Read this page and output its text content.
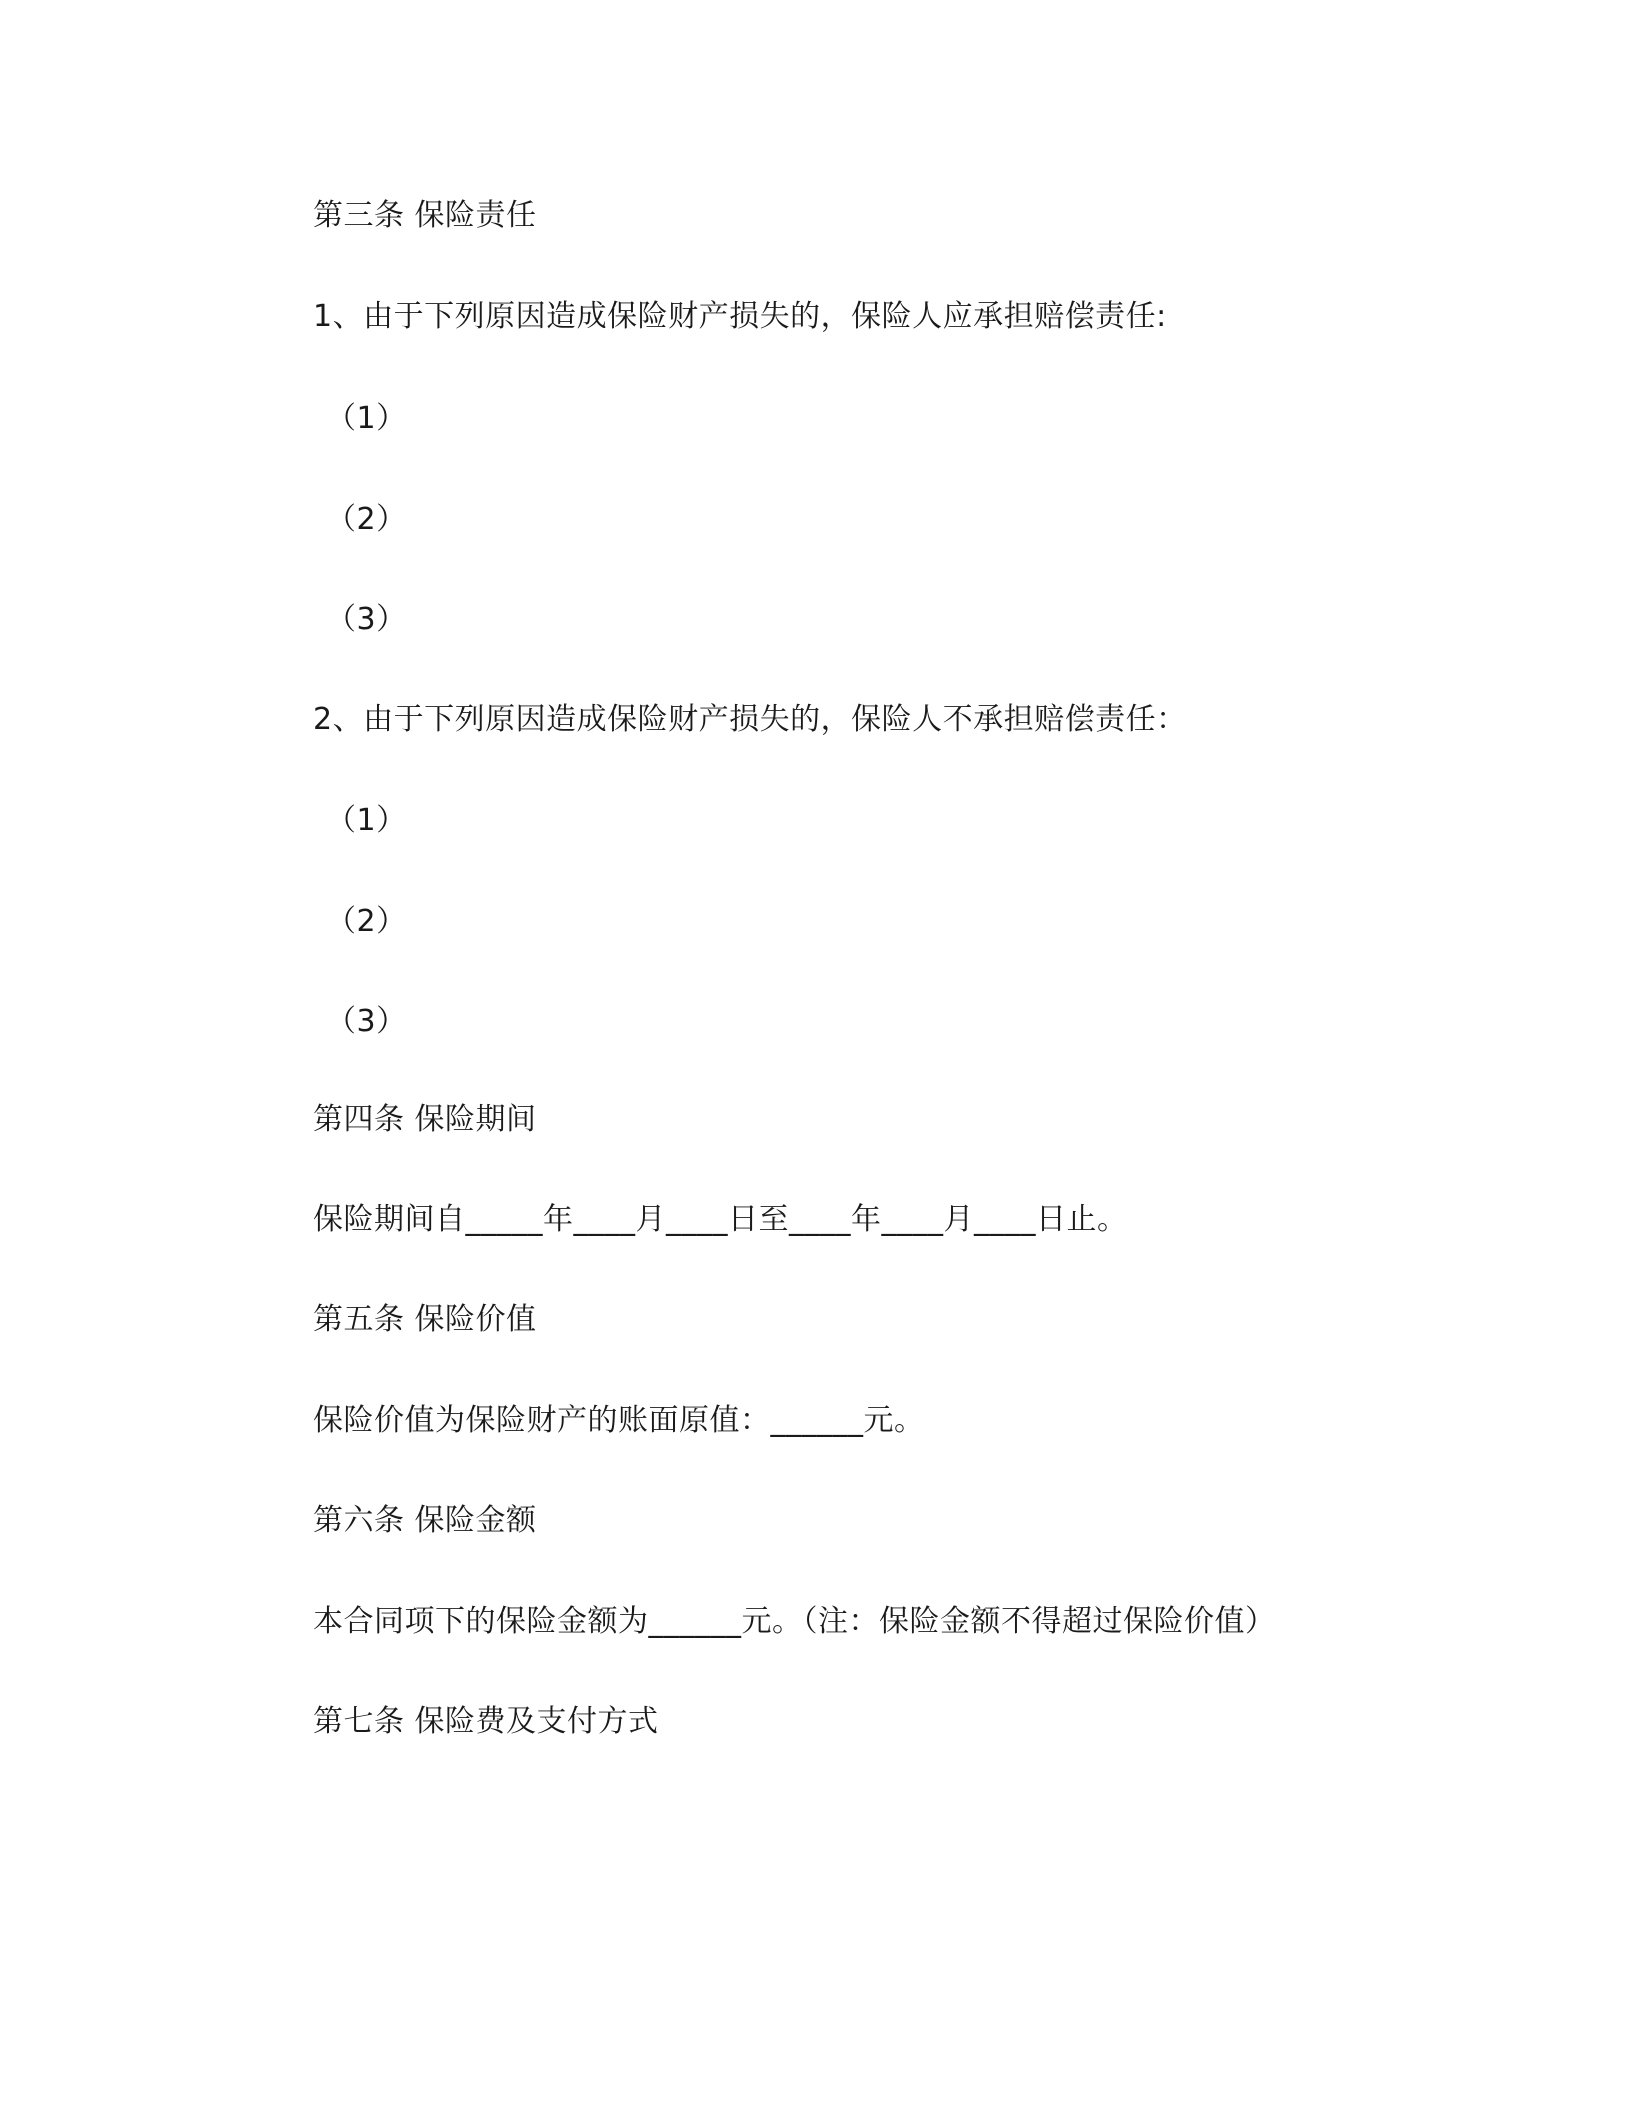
第三条 保险责任
1、由于下列原因造成保险财产损失的，保险人应承担赔偿责任:
（1）
（2）
（3）
2、由于下列原因造成保险财产损失的，保险人不承担赔偿责任：
（1）
（2）
（3）
第四条 保险期间
保险期间自_____年____月____日至____年____月____日止。
第五条 保险价值
保险价值为保险财产的账面原值：______元。
第六条 保险金额
本合同项下的保险金额为______元。（注：保险金额不得超过保险价值）
第七条 保险费及支付方式
